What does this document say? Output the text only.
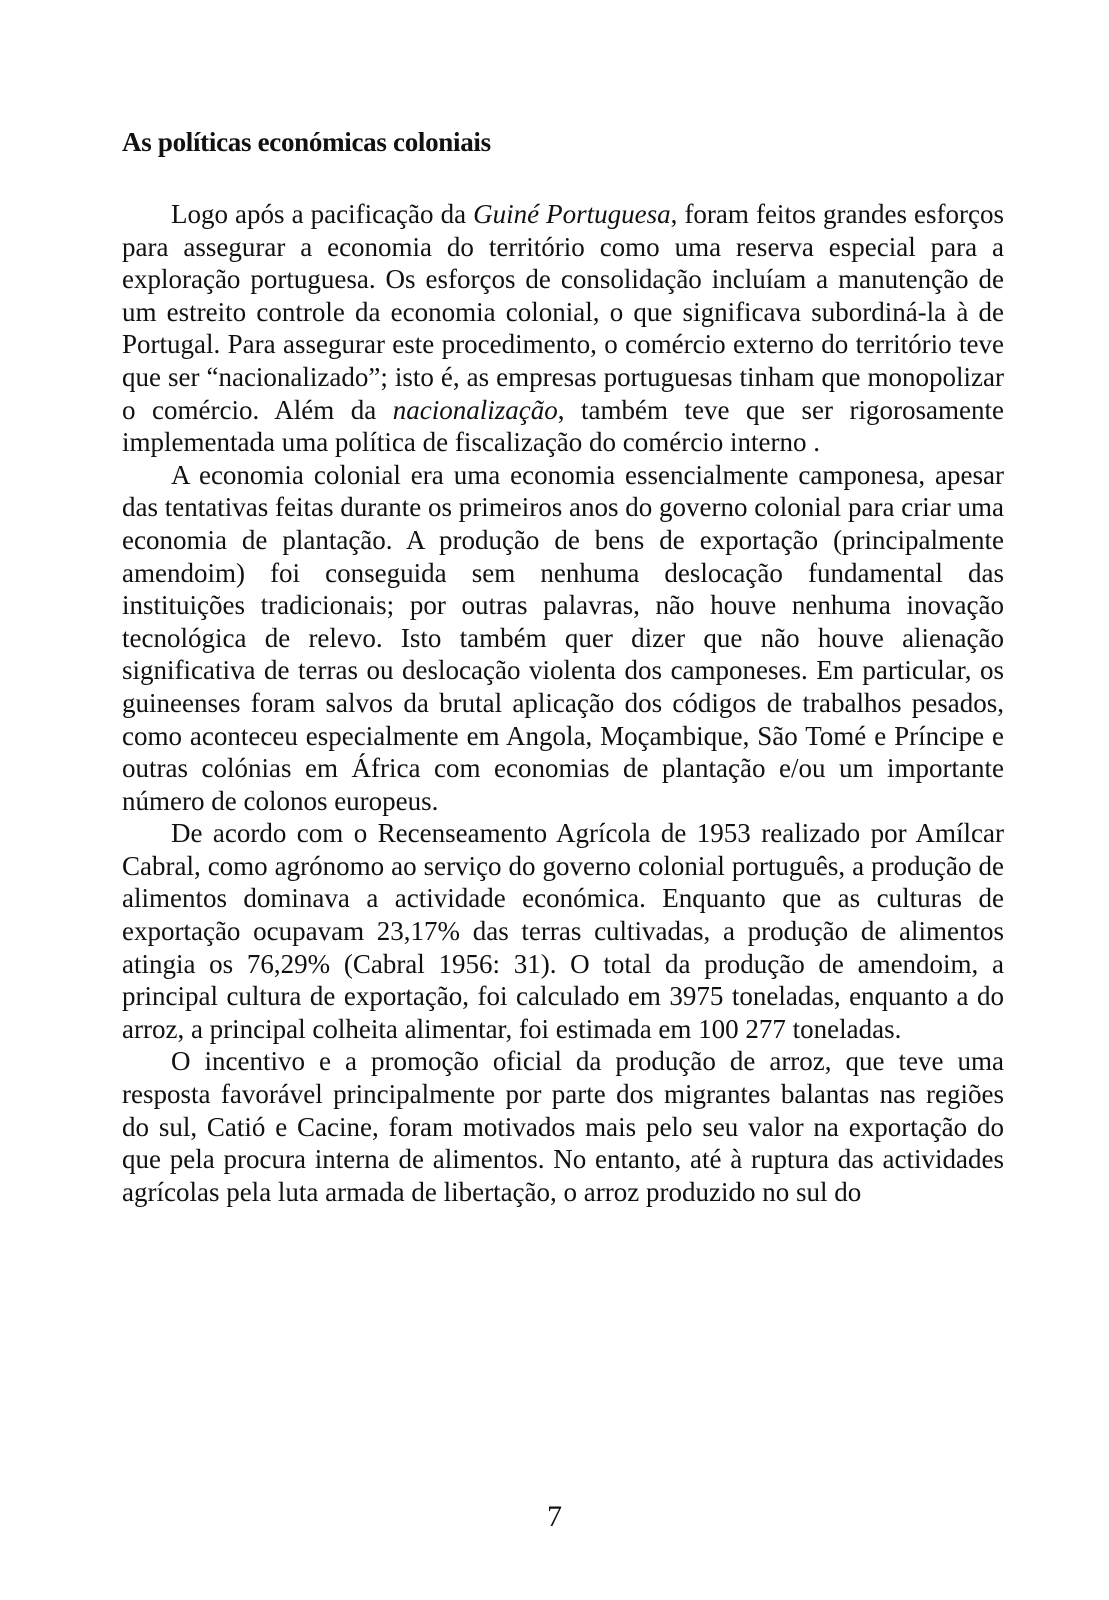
As políticas económicas coloniais

Logo após a pacificação da Guiné Portuguesa, foram feitos grandes esforços para assegurar a economia do território como uma reserva especial para a exploração portuguesa. Os esforços de consolidação incluíam a manutenção de um estreito controle da economia colonial, o que significava subordiná-la à de Portugal. Para assegurar este procedimento, o comércio externo do território teve que ser “nacionalizado”; isto é, as empresas portuguesas tinham que monopolizar o comércio. Além da nacionalização, também teve que ser rigorosamente implementada uma política de fiscalização do comércio interno .

A economia colonial era uma economia essencialmente camponesa, apesar das tentativas feitas durante os primeiros anos do governo colonial para criar uma economia de plantação. A produção de bens de exportação (principalmente amendoim) foi conseguida sem nenhuma deslocação fundamental das instituições tradicionais; por outras palavras, não houve nenhuma inovação tecnológica de relevo. Isto também quer dizer que não houve alienação significativa de terras ou deslocação violenta dos camponeses. Em particular, os guineenses foram salvos da brutal aplicação dos códigos de trabalhos pesados, como aconteceu especialmente em Angola, Moçambique, São Tomé e Príncipe e outras colónias em África com economias de plantação e/ou um importante número de colonos europeus.

De acordo com o Recenseamento Agrícola de 1953 realizado por Amílcar Cabral, como agrónomo ao serviço do governo colonial português, a produção de alimentos dominava a actividade económica. Enquanto que as culturas de exportação ocupavam 23,17% das terras cultivadas, a produção de alimentos atingia os 76,29% (Cabral 1956: 31). O total da produção de amendoim, a principal cultura de exportação, foi calculado em 3975 toneladas, enquanto a do arroz, a principal colheita alimentar, foi estimada em 100 277 toneladas.

O incentivo e a promoção oficial da produção de arroz, que teve uma resposta favorável principalmente por parte dos migrantes balantas nas regiões do sul, Catió e Cacine, foram motivados mais pelo seu valor na exportação do que pela procura interna de alimentos. No entanto, até à ruptura das actividades agrícolas pela luta armada de libertação, o arroz produzido no sul do

7
